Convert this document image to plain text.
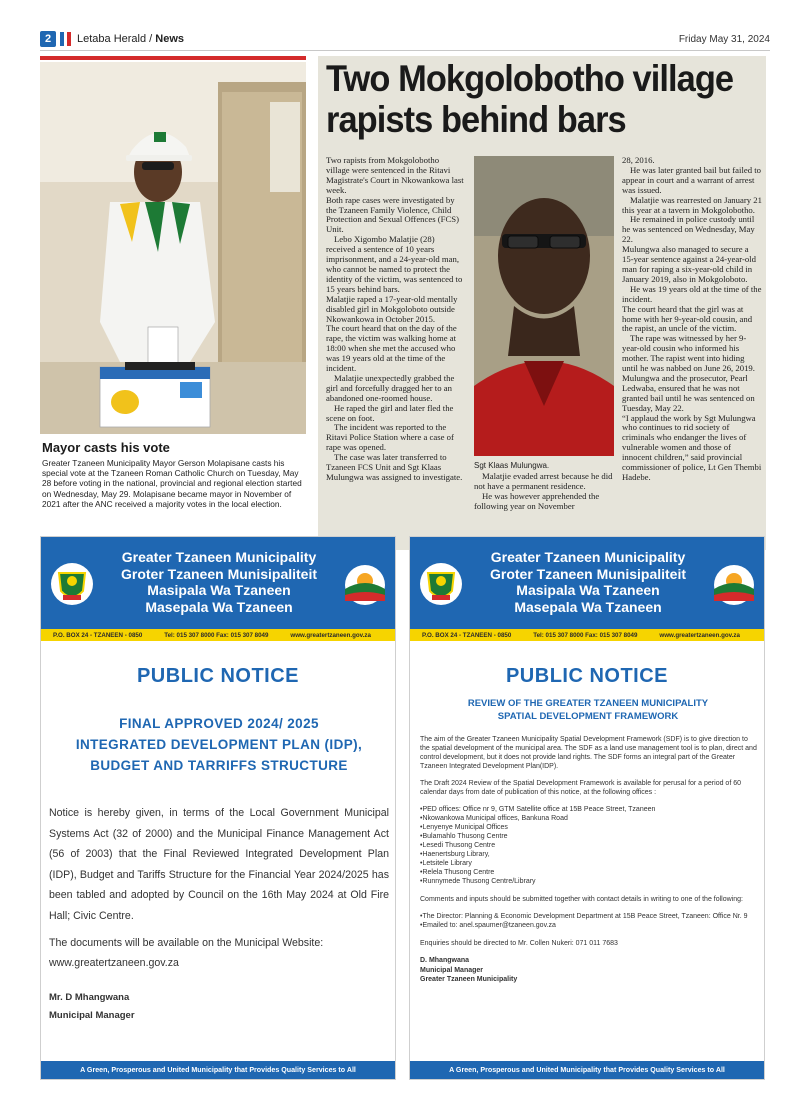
2	Letaba Herald / News	Friday May 31, 2024
Mayor casts his vote
Greater Tzaneen Municipality Mayor Gerson Molapisane casts his special vote at the Tzaneen Roman Catholic Church on Tuesday, May 28 before voting in the national, provincial and regional election started on Wednesday, May 29. Molapisane became mayor in November of 2021 after the ANC received a majority votes in the local election.
Two Mokgolobotho village rapists behind bars

Two rapists from Mokgolobotho village were sentenced in the Ritavi Magistrate's Court in Nkowankowa last week.

Both rape cases were investigated by the Tzaneen Family Violence, Child Protection and Sexual Offences (FCS) Unit.

Lebo Xigombo Malatjie (28) received a sentence of 10 years imprisonment, and a 24-year-old man, who cannot be named to protect the identity of the victim, was sentenced to 15 years behind bars.

Malatjie raped a 17-year-old mentally disabled girl in Mokgoloboto outside Nkowankowa in October 2015.

The court heard that on the day of the rape, the victim was walking home at 18:00 when she met the accused who was 19 years old at the time of the incident.

Malatjie unexpectedly grabbed the girl and forcefully dragged her to an abandoned one-roomed house.

He raped the girl and later fled the scene on foot.

The incident was reported to the Ritavi Police Station where a case of rape was opened.

The case was later transferred to Tzaneen FCS Unit and Sgt Klaas Mulungwa was assigned to investigate.

Sgt Klaas Mulungwa.

Malatjie evaded arrest because he did not have a permanent residence.

He was however apprehended the following year on November

28, 2016.

He was later granted bail but failed to appear in court and a warrant of arrest was issued.

Malatjie was rearrested on January 21 this year at a tavern in Mokgolobotho.

He remained in police custody until he was sentenced on Wednesday, May 22.

Mulungwa also managed to secure a 15-year sentence against a 24-year-old man for raping a six-year-old child in January 2019, also in Mokgoloboto.

He was 19 years old at the time of the incident.

The court heard that the girl was at home with her 9-year-old cousin, and the rapist, an uncle of the victim.

The rape was witnessed by her 9-year-old cousin who informed his mother. The rapist went into hiding until he was nabbed on June 26, 2019. Mulungwa and the prosecutor, Pearl Ledwaba, ensured that he was not granted bail until he was sentenced on Tuesday, May 22.

“I applaud the work by Sgt Mulungwa who continues to rid society of criminals who endanger the lives of vulnerable women and those of innocent children,” said provincial commissioner of police, Lt Gen Thembi Hadebe.

Greater Tzaneen Municipality
Groter Tzaneen Munisipaliteit
Masipala Wa Tzaneen
Masepala Wa Tzaneen
P.O. BOX 24 - TZANEEN - 0850	Tel: 015 307 8000 Fax: 015 307 8049	www.greatertzaneen.gov.za
PUBLIC NOTICE
FINAL APPROVED 2024/ 2025
INTEGRATED DEVELOPMENT PLAN (IDP),
BUDGET AND TARRIFFS STRUCTURE
Notice is hereby given, in terms of the Local Government Municipal Systems Act (32 of 2000) and the Municipal Finance Management Act (56 of 2003) that the Final Reviewed Integrated Development Plan (IDP), Budget and Tariffs Structure for the Financial Year 2024/2025 has been tabled and adopted by Council on the 16th May 2024 at Old Fire Hall; Civic Centre.
The documents will be available on the Municipal Website:
www.greatertzaneen.gov.za
Mr. D Mhangwana
Municipal Manager
A Green, Prosperous and United Municipality that Provides Quality Services to All
Greater Tzaneen Municipality
Groter Tzaneen Munisipaliteit
Masipala Wa Tzaneen
Masepala Wa Tzaneen
P.O. BOX 24 - TZANEEN - 0850	Tel: 015 307 8000 Fax: 015 307 8049	www.greatertzaneen.gov.za
PUBLIC NOTICE
REVIEW OF THE GREATER TZANEEN MUNICIPALITY
SPATIAL DEVELOPMENT FRAMEWORK

The aim of the Greater Tzaneen Municipality Spatial Development Framework (SDF) is to give direction to the spatial development of the municipal area. The SDF as a land use management tool is to plan, direct and control development, but it does not provide land rights. The SDF forms an integral part of the Greater Tzaneen Integrated Development Plan(IDP).

The Draft 2024 Review of the Spatial Development Framework is available for perusal for a period of 60 calendar days from date of publication of this notice, at the following offices :

• PED offices: Office nr 9, GTM Satellite office at 15B Peace Street, Tzaneen
• Nkowankowa Municipal offices, Bankuna Road
• Lenyenye Municipal Offices
• Bulamahlo Thusong Centre
• Lesedi Thusong Centre
• Haenertsburg Library,
• Letsitele Library
• Relela Thusong Centre
• Runnymede Thusong Centre/Library

Comments and inputs should be submitted together with contact details in writing to one of the following:

• The Director: Planning & Economic Development Department at 15B Peace Street, Tzaneen: Office Nr. 9
• Emailed to: anel.spaumer@tzaneen.gov.za

Enquiries should be directed to Mr. Collen Nukeri: 071 011 7683

D. Mhangwana
Municipal Manager
Greater Tzaneen Municipality
A Green, Prosperous and United Municipality that Provides Quality Services to All
